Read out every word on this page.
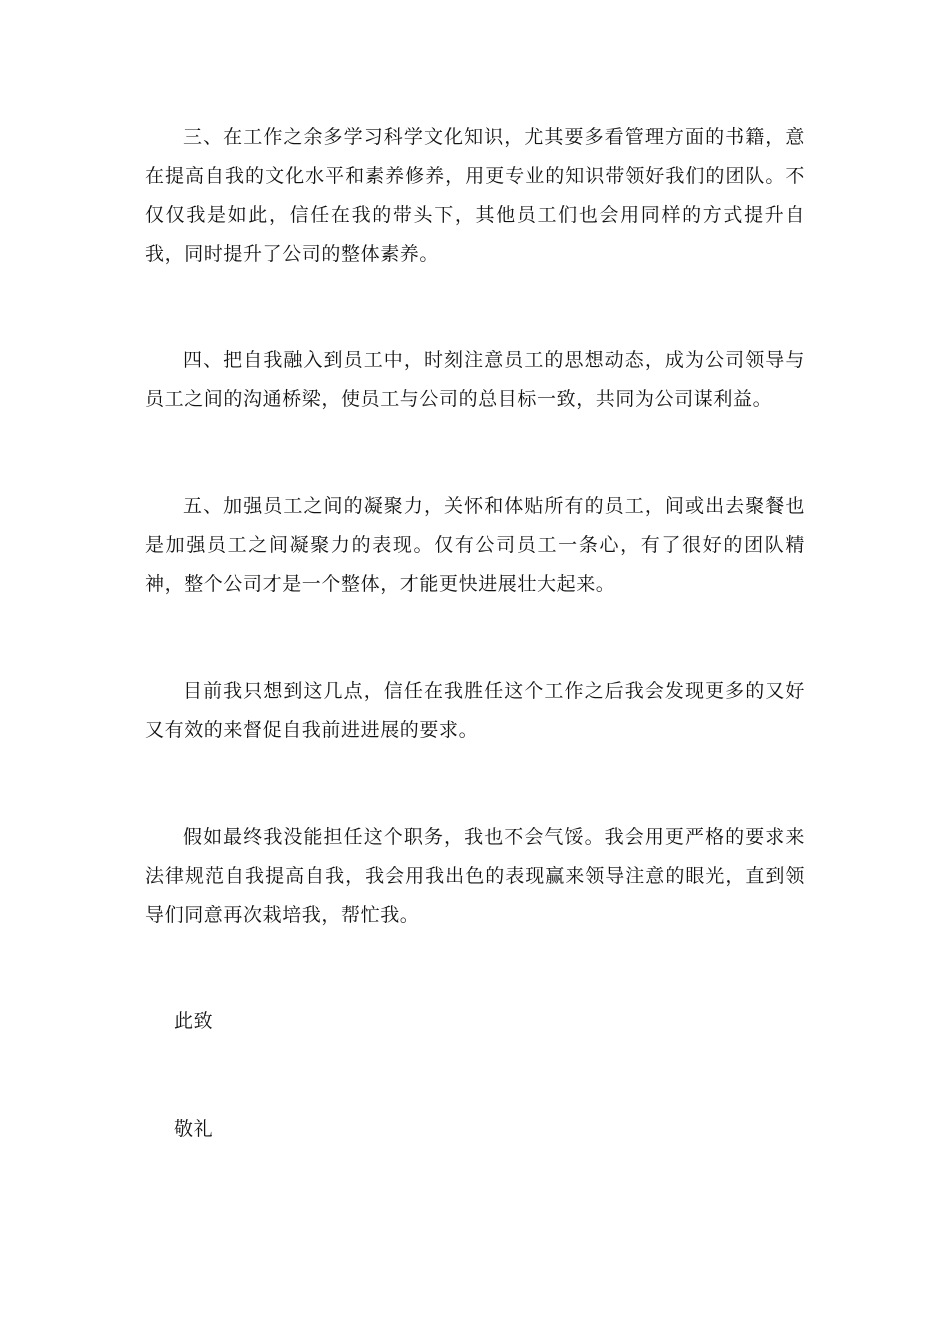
三、在工作之余多学习科学文化知识，尤其要多看管理方面的书籍，意在提高自我的文化水平和素养修养，用更专业的知识带领好我们的团队。不仅仅我是如此，信任在我的带头下，其他员工们也会用同样的方式提升自我，同时提升了公司的整体素养。

四、把自我融入到员工中，时刻注意员工的思想动态，成为公司领导与员工之间的沟通桥梁，使员工与公司的总目标一致，共同为公司谋利益。

五、加强员工之间的凝聚力，关怀和体贴所有的员工，间或出去聚餐也是加强员工之间凝聚力的表现。仅有公司员工一条心，有了很好的团队精神，整个公司才是一个整体，才能更快进展壮大起来。

目前我只想到这几点，信任在我胜任这个工作之后我会发现更多的又好又有效的来督促自我前进进展的要求。

假如最终我没能担任这个职务，我也不会气馁。我会用更严格的要求来法律规范自我提高自我，我会用我出色的表现赢来领导注意的眼光，直到领导们同意再次栽培我，帮忙我。

此致

敬礼
